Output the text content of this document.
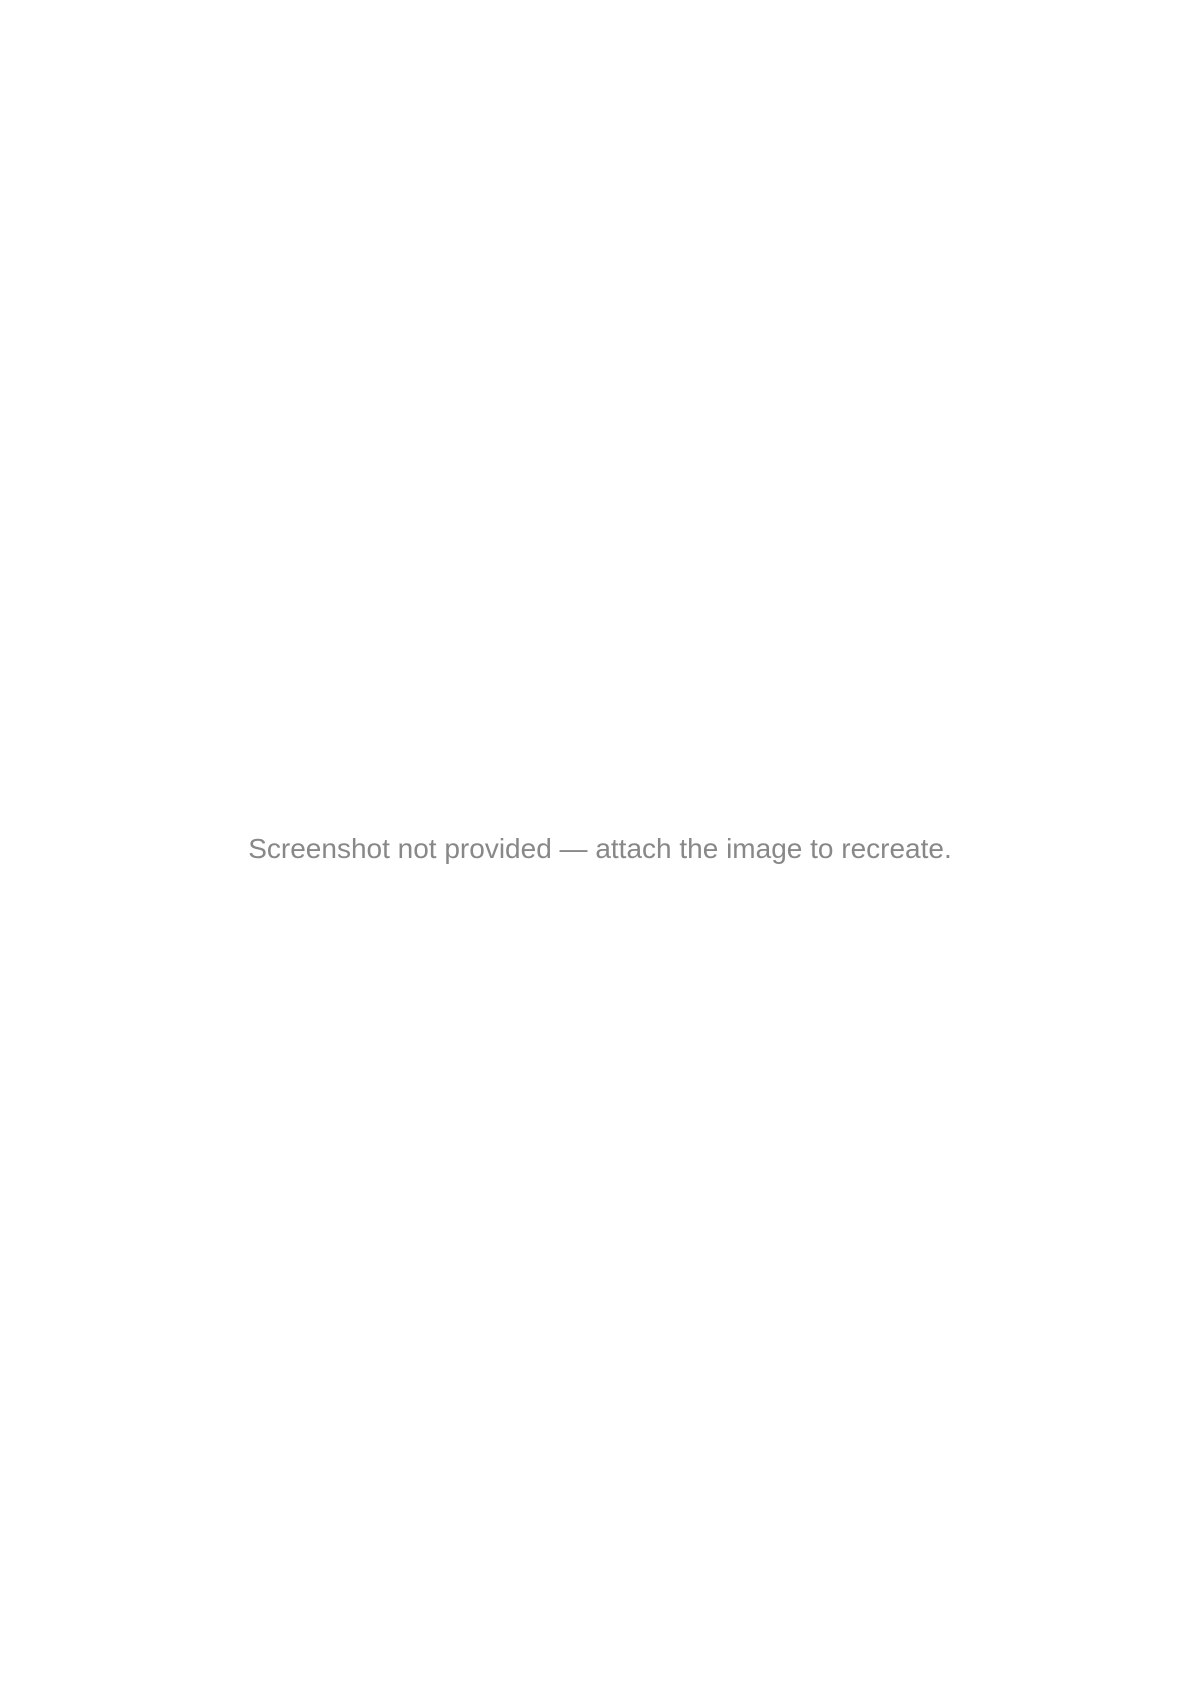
Screenshot not provided — attach the image to recreate.
